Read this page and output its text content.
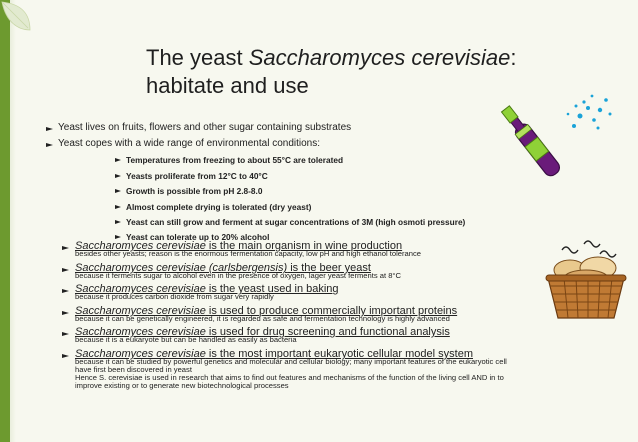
The yeast Saccharomyces cerevisiae:
habitate and use
Yeast lives on fruits, flowers and other sugar containing substrates
Yeast copes with a wide range of environmental conditions:
Temperatures from freezing to about 55°C are tolerated
Yeasts proliferate from 12°C to 40°C
Growth is possible from pH 2.8-8.0
Almost complete drying is tolerated (dry yeast)
Yeast can still grow and ferment at sugar concentrations of 3M (high osmoti pressure)
Yeast can tolerate up to 20% alcohol
Saccharomyces cerevisiae is the main organism in wine production
besides other yeasts; reason is the enormous fermentation capacity, low pH and high ethanol tolerance
Saccharomyces cerevisiae (carlsbergensis) is the beer yeast
because it ferments sugar to alcohol even in the presence of oxygen, lager yeast ferments at 8°C
Saccharomyces cerevisiae is the yeast used in baking
because it produces carbon dioxide from sugar very rapidly
Saccharomyces cerevisiae is used to produce commercially important proteins
because it can be genetically engineered, it is regarded as safe and fermentation technology is highly advanced
Saccharomyces cerevisiae is used for drug screening and functional analysis
because it is a eukaryote but can be handled as easily as bacteria
Saccharomyces cerevisiae is the most important eukaryotic cellular model system
because it can be studied by powerful genetics and molecular and cellular biology; many important features of the eukaryotic cell
have first been discovered in yeast
Hence S. cerevisiae is used in research that aims to find out features and mechanisms of the function of the living cell AND in to
improve existing or to generate new biotechnological processes
